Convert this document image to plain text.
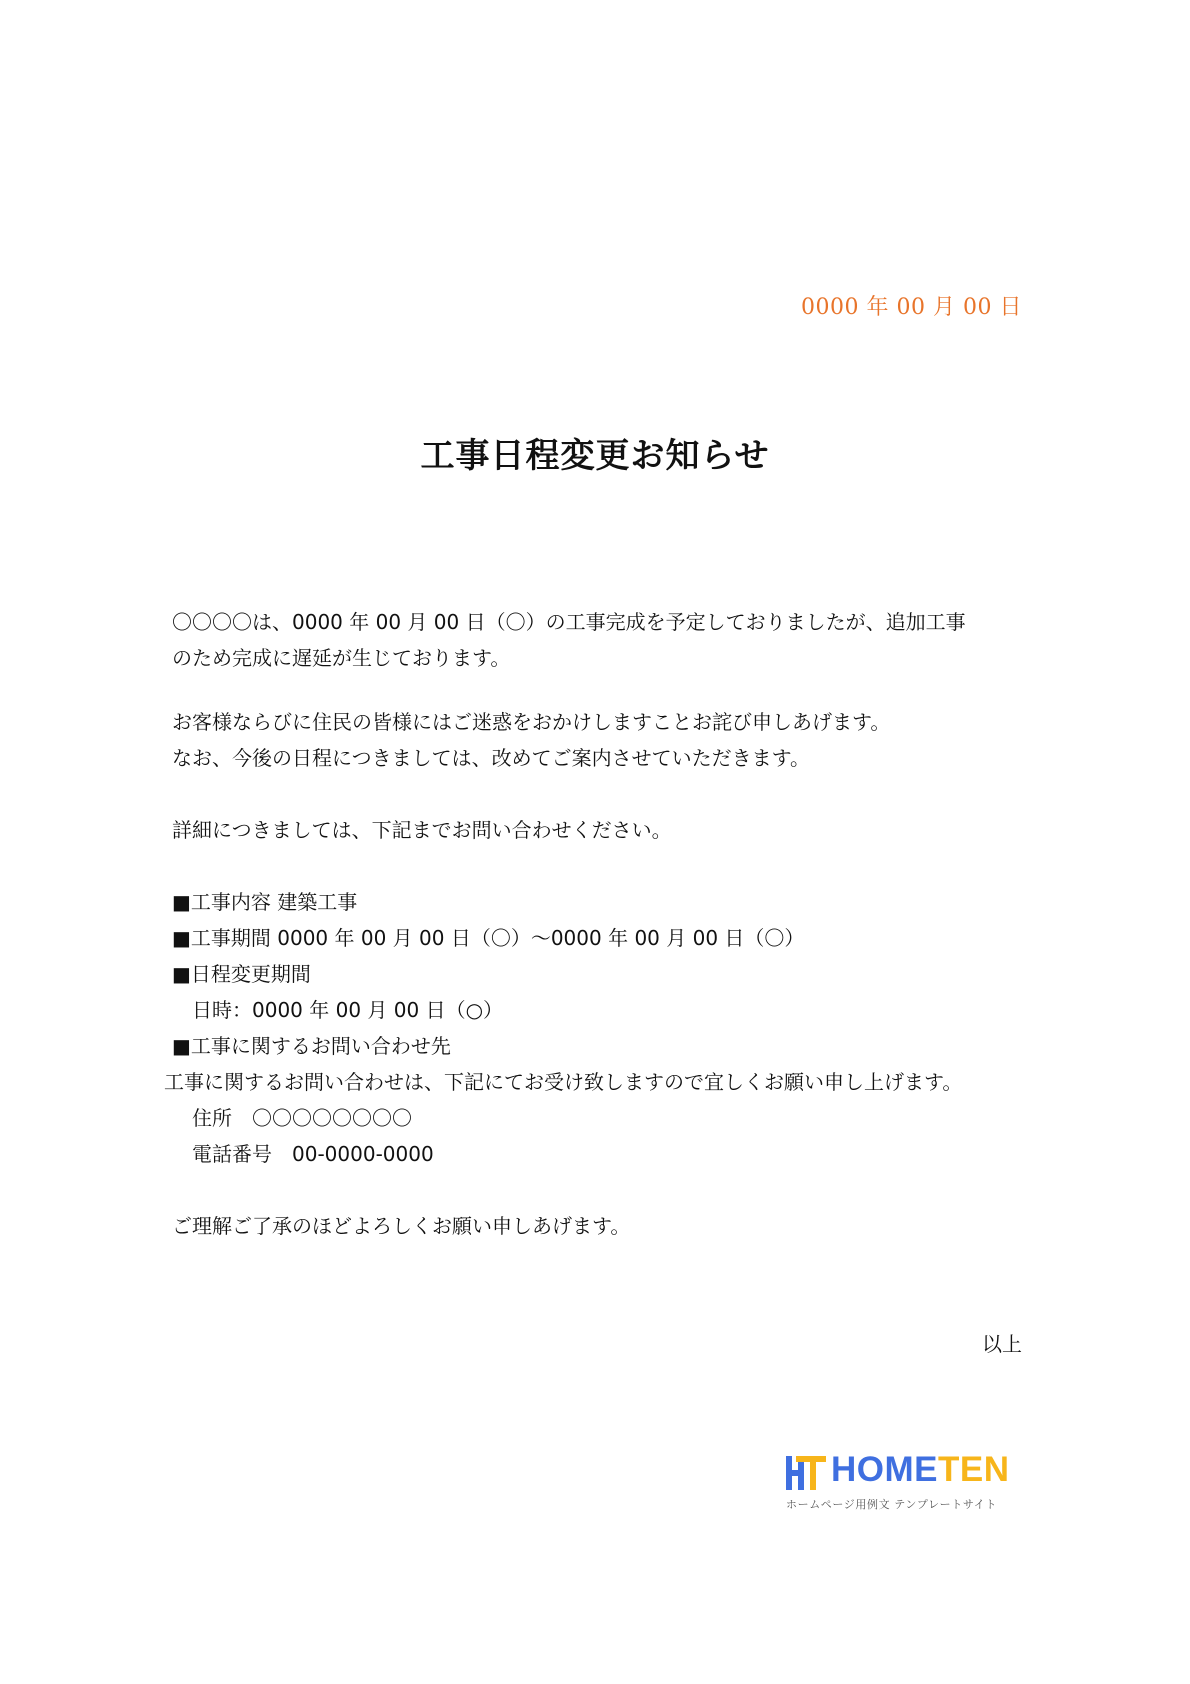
0000 年 00 月 00 日
工事日程変更お知らせ
〇〇〇〇は、0000 年 00 月 00 日（〇）の工事完成を予定しておりましたが、追加工事
のため完成に遅延が生じております。
お客様ならびに住民の皆様にはご迷惑をおかけしますことお詫び申しあげます。
なお、今後の日程につきましては、改めてご案内させていただきます。
詳細につきましては、下記までお問い合わせください。
■工事内容 建築工事
■工事期間 0000 年 00 月 00 日（〇）〜0000 年 00 月 00 日（〇）
■日程変更期間
日時：0000 年 00 月 00 日（○）
■工事に関するお問い合わせ先
工事に関するお問い合わせは、下記にてお受け致しますので宜しくお願い申し上げます。
住所　〇〇〇〇〇〇〇〇
電話番号　00-0000-0000
ご理解ご了承のほどよろしくお願い申しあげます。
以上
HOMETEN
ホームページ用例文 テンプレートサイト
